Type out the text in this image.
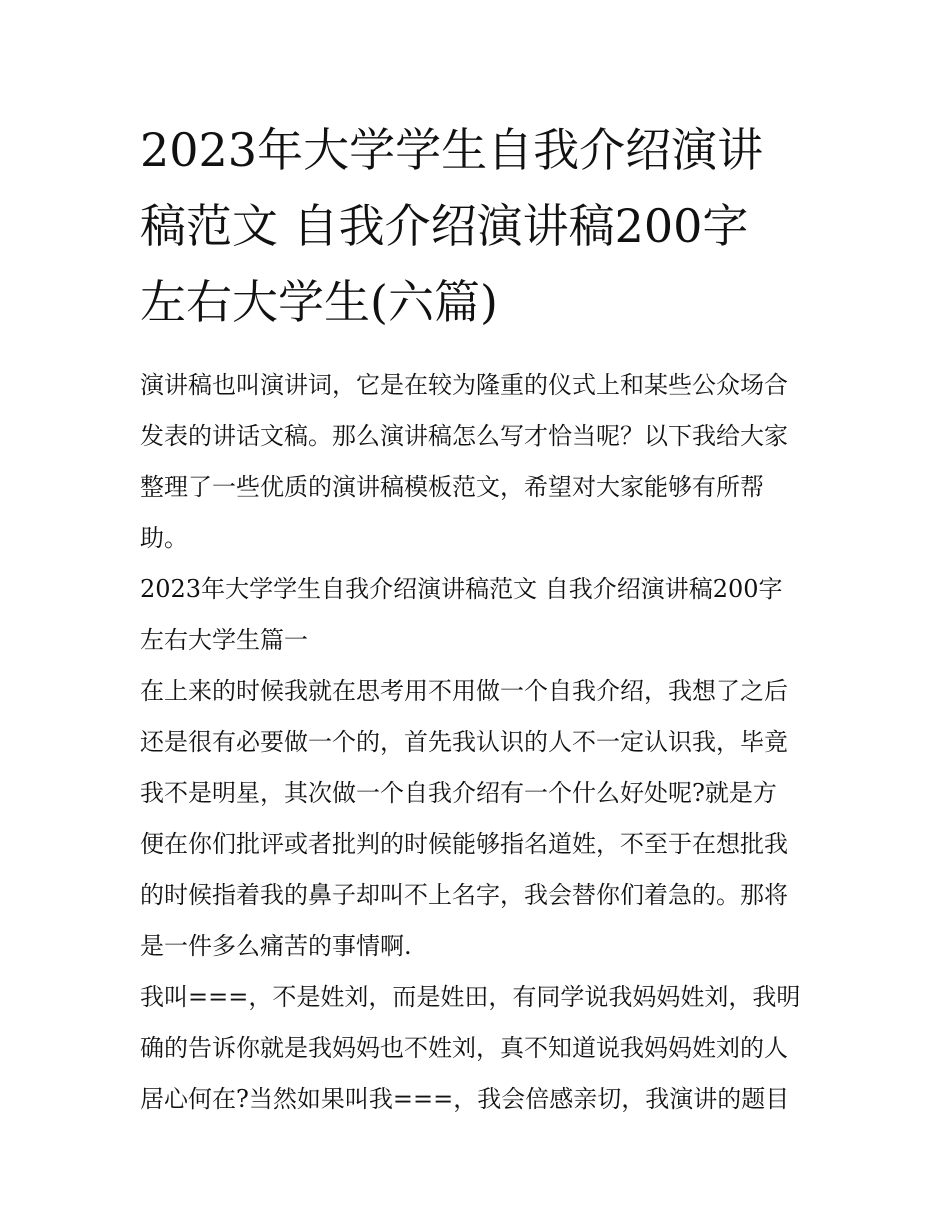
2023年大学学生自我介绍演讲
稿范文 自我介绍演讲稿200字
左右大学生(六篇)
演讲稿也叫演讲词，它是在较为隆重的仪式上和某些公众场合
发表的讲话文稿。那么演讲稿怎么写才恰当呢？以下我给大家
整理了一些优质的演讲稿模板范文，希望对大家能够有所帮
助。
2023年大学学生自我介绍演讲稿范文 自我介绍演讲稿200字
左右大学生篇一
在上来的时候我就在思考用不用做一个自我介绍，我想了之后
还是很有必要做一个的，首先我认识的人不一定认识我，毕竟
我不是明星，其次做一个自我介绍有一个什么好处呢?就是方
便在你们批评或者批判的时候能够指名道姓，不至于在想批我
的时候指着我的鼻子却叫不上名字，我会替你们着急的。那将
是一件多么痛苦的事情啊.
我叫===，不是姓刘，而是姓田，有同学说我妈妈姓刘，我明
确的告诉你就是我妈妈也不姓刘，真不知道说我妈妈姓刘的人
居心何在?当然如果叫我===，我会倍感亲切，我演讲的题目
